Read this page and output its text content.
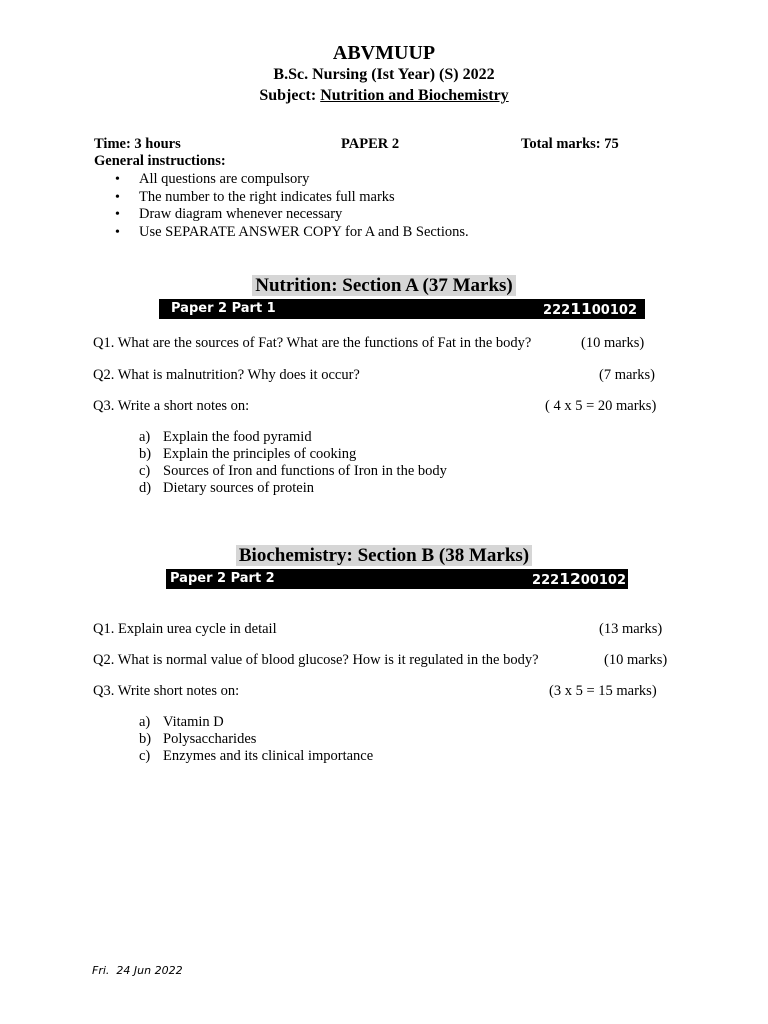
ABVMUUP
B.Sc. Nursing (Ist Year) (S) 2022
Subject: Nutrition and Biochemistry
Time: 3 hours	PAPER 2	Total marks: 75
General instructions:
• All questions are compulsory
• The number to the right indicates full marks
• Draw diagram whenever necessary
• Use SEPARATE ANSWER COPY for A and B Sections.
Nutrition: Section A (37 Marks)
Paper 2 Part 1	2221100102
Q1. What are the sources of Fat? What are the functions of Fat in the body?	(10 marks)
Q2. What is malnutrition? Why does it occur?	(7 marks)
Q3. Write a short notes on:	( 4 x 5 = 20 marks)
a) Explain the food pyramid
b) Explain the principles of cooking
c) Sources of Iron and functions of Iron in the body
d) Dietary sources of protein
Biochemistry: Section B (38 Marks)
Paper 2 Part 2	2221200102
Q1. Explain urea cycle in detail	(13 marks)
Q2. What is normal value of blood glucose? How is it regulated in the body?	(10 marks)
Q3. Write short notes on:	(3 x 5 = 15 marks)
a) Vitamin D
b) Polysaccharides
c) Enzymes and its clinical importance
Fri.  24 Jun 2022
